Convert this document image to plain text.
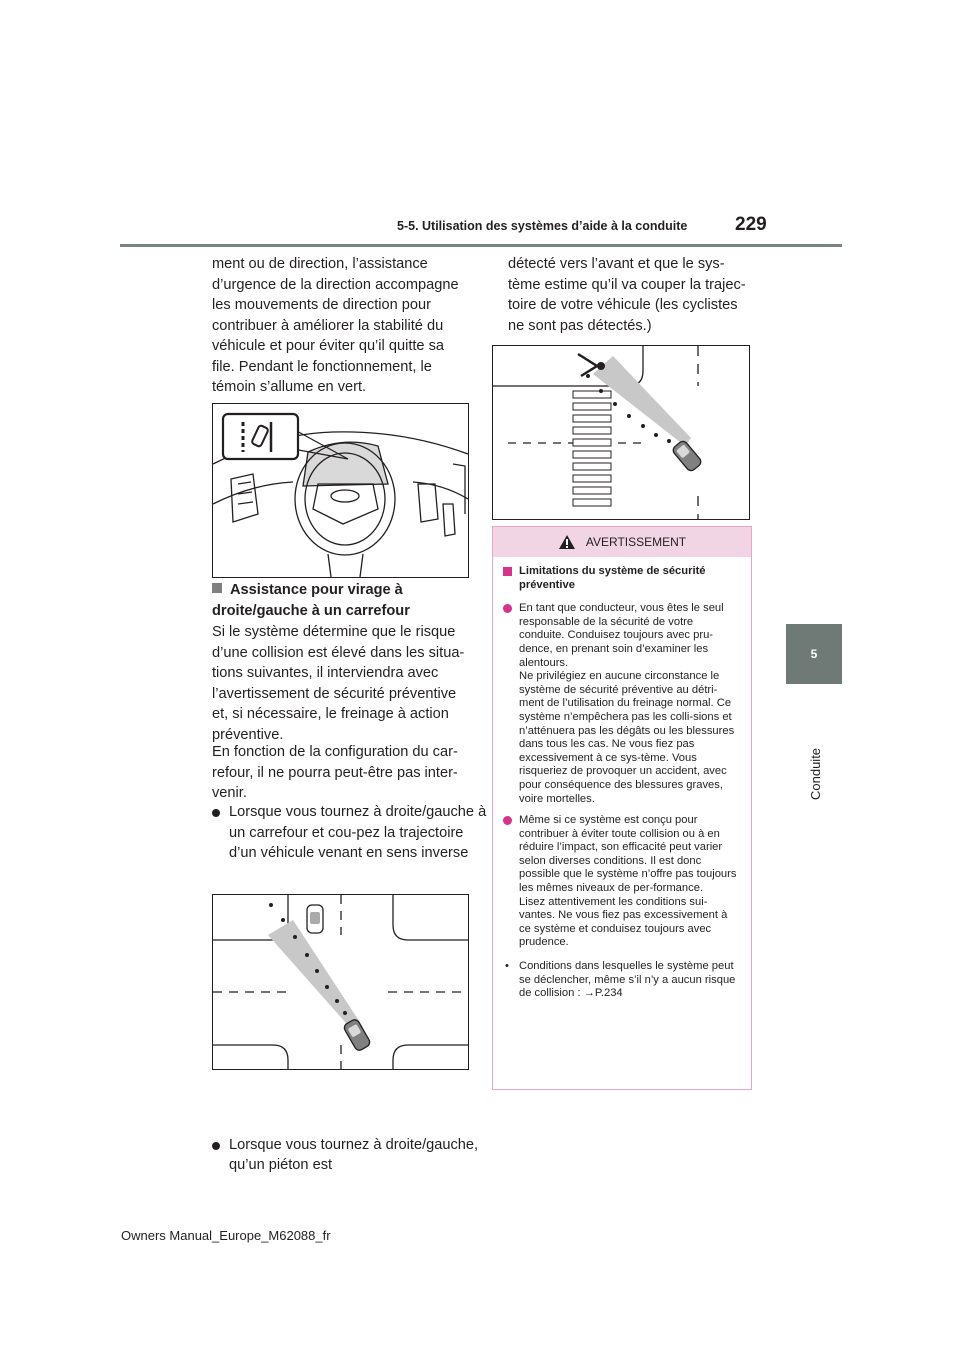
5-5. Utilisation des systèmes d’aide à la conduite	229
5
Conduite

ment ou de direction, l’assistance d’urgence de la direction accompagne les mouvements de direction pour contribuer à améliorer la stabilité du véhicule et pour éviter qu’il quitte sa file. Pendant le fonctionnement, le témoin s’allume en vert.

Assistance pour virage à droite/gauche à un carrefour

Si le système détermine que le risque d’une collision est élevé dans les situa-tions suivantes, il interviendra avec l’avertissement de sécurité préventive et, si nécessaire, le freinage à action préventive.

En fonction de la configuration du car-refour, il ne pourra peut-être pas inter-venir.

Lorsque vous tournez à droite/gauche à un carrefour et cou-pez la trajectoire d’un véhicule venant en sens inverse
Lorsque vous tournez à droite/gauche, qu’un piéton est

détecté vers l’avant et que le sys-tème estime qu’il va couper la trajec-toire de votre véhicule (les cyclistes ne sont pas détectés.)

AVERTISSEMENT

Limitations du système de sécurité préventive

En tant que conducteur, vous êtes le seul responsable de la sécurité de votre conduite. Conduisez toujours avec pru-dence, en prenant soin d’examiner les alentours.
Ne privilégiez en aucune circonstance le système de sécurité préventive au détri-ment de l’utilisation du freinage normal. Ce système n’empêchera pas les colli-sions et n’atténuera pas les dégâts ou les blessures dans tous les cas. Ne vous fiez pas excessivement à ce sys-tème. Vous risqueriez de provoquer un accident, avec pour conséquence des blessures graves, voire mortelles.

Même si ce système est conçu pour contribuer à éviter toute collision ou à en réduire l’impact, son efficacité peut varier selon diverses conditions. Il est donc possible que le système n’offre pas toujours les mêmes niveaux de per-formance.
Lisez attentivement les conditions sui-vantes. Ne vous fiez pas excessivement à ce système et conduisez toujours avec prudence.

• Conditions dans lesquelles le système peut se déclencher, même s’il n’y a aucun risque de collision : →P.234

Owners Manual_Europe_M62088_fr
